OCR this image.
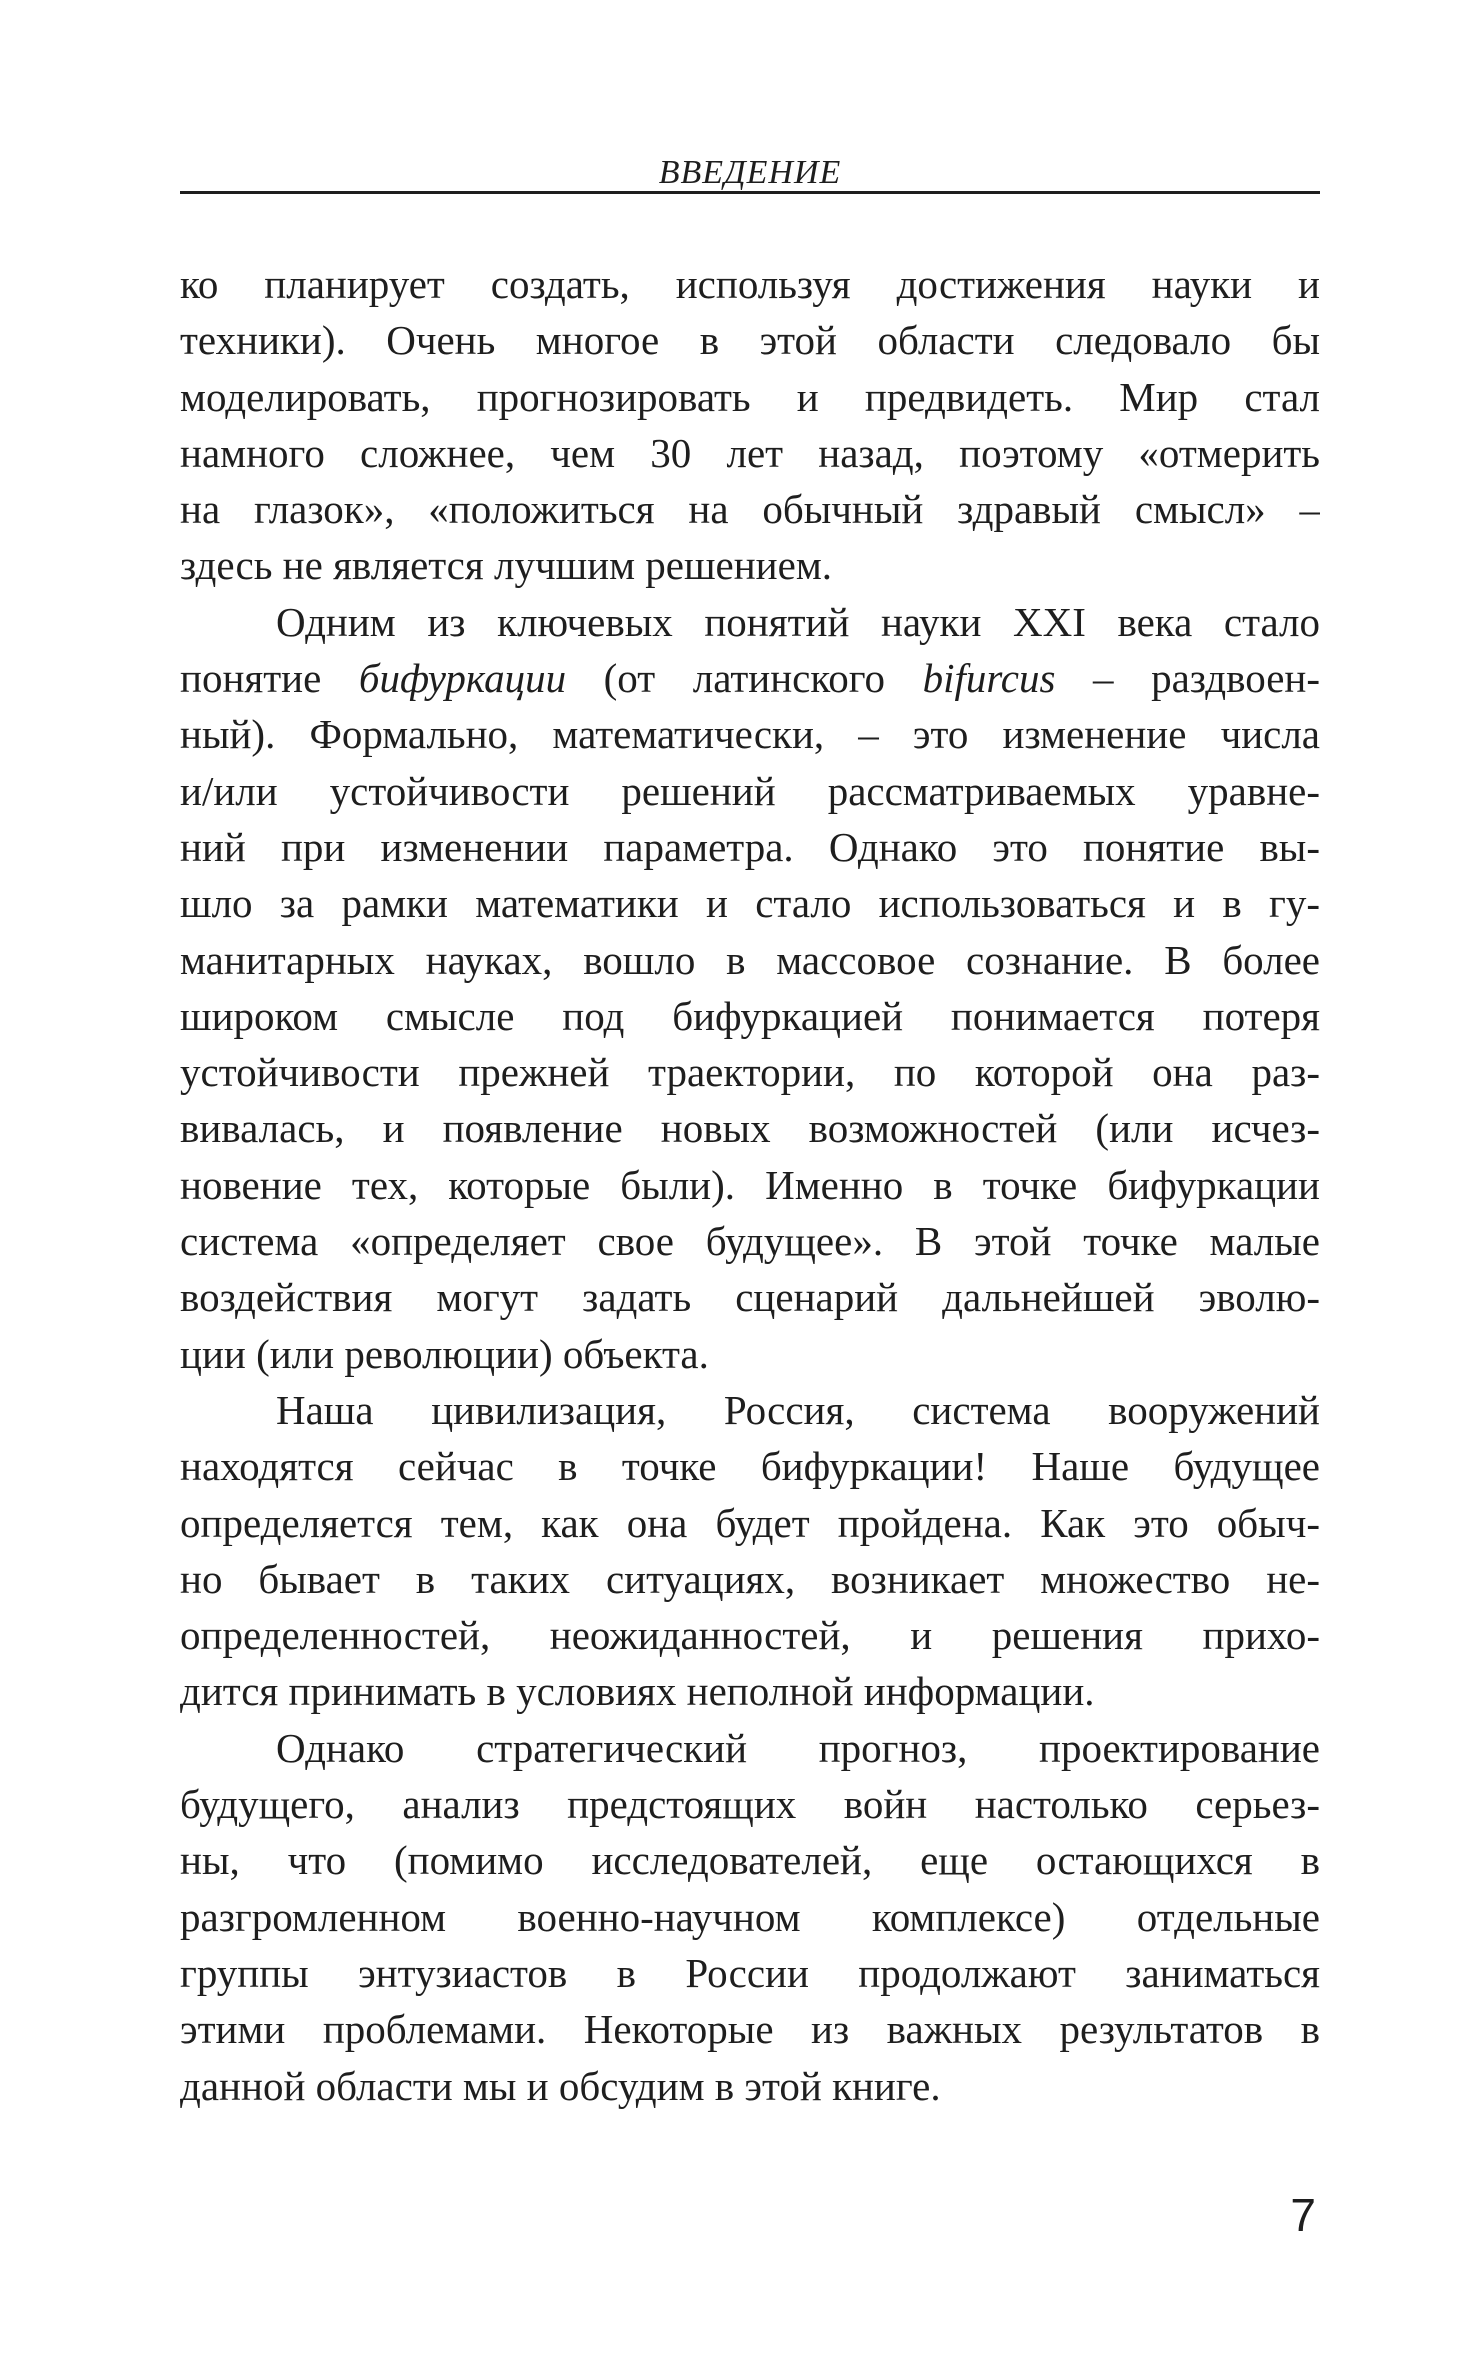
ВВЕДЕНИЕ
ко планирует создать, используя достижения науки и
техники). Очень многое в этой области следовало бы
моделировать, прогнозировать и предвидеть. Мир стал
намного сложнее, чем 30 лет назад, поэтому «отмерить
на глазок», «положиться на обычный здравый смысл» –
здесь не является лучшим решением.
Одним из ключевых понятий науки XXI века стало
понятие бифуркации (от латинского bifurcus – раздвоен-
ный). Формально, математически, – это изменение числа
и/или устойчивости решений рассматриваемых уравне-
ний при изменении параметра. Однако это понятие вы-
шло за рамки математики и стало использоваться и в гу-
манитарных науках, вошло в массовое сознание. В более
широком смысле под бифуркацией понимается потеря
устойчивости прежней траектории, по которой она раз-
вивалась, и появление новых возможностей (или исчез-
новение тех, которые были). Именно в точке бифуркации
система «определяет свое будущее». В этой точке малые
воздействия могут задать сценарий дальнейшей эволю-
ции (или революции) объекта.
Наша цивилизация, Россия, система вооружений
находятся сейчас в точке бифуркации! Наше будущее
определяется тем, как она будет пройдена. Как это обыч-
но бывает в таких ситуациях, возникает множество не-
определенностей, неожиданностей, и решения прихо-
дится принимать в условиях неполной информации.
Однако стратегический прогноз, проектирование
будущего, анализ предстоящих войн настолько серьез-
ны, что (помимо исследователей, еще остающихся в
разгромленном военно-научном комплексе) отдельные
группы энтузиастов в России продолжают заниматься
этими проблемами. Некоторые из важных результатов в
данной области мы и обсудим в этой книге.
7
